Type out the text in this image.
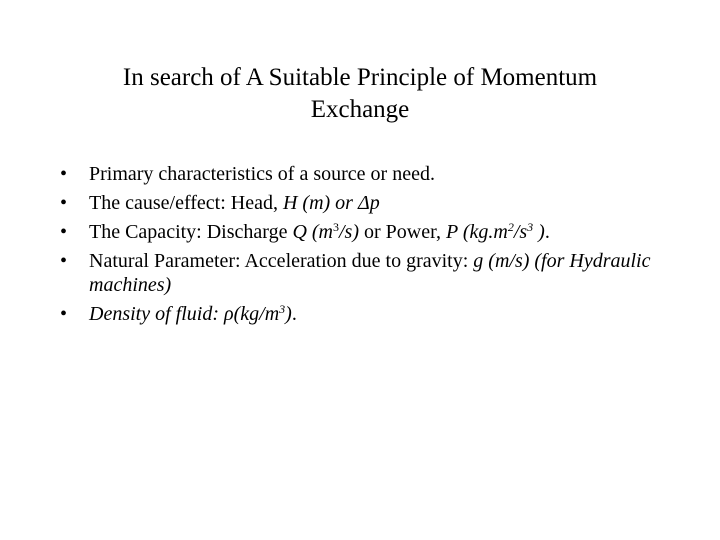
In search of A Suitable Principle of Momentum
Exchange
• Primary characteristics of a source or need.
• The cause/effect: Head, H (m) or Δp
• The Capacity: Discharge Q $(m^3/s)$ or Power, P ($kg.m^2/s^3$ ).
• Natural Parameter: Acceleration due to gravity: g (m/s) (for Hydraulic machines)
• Density of fluid: $\rho(kg/m^3)$.
